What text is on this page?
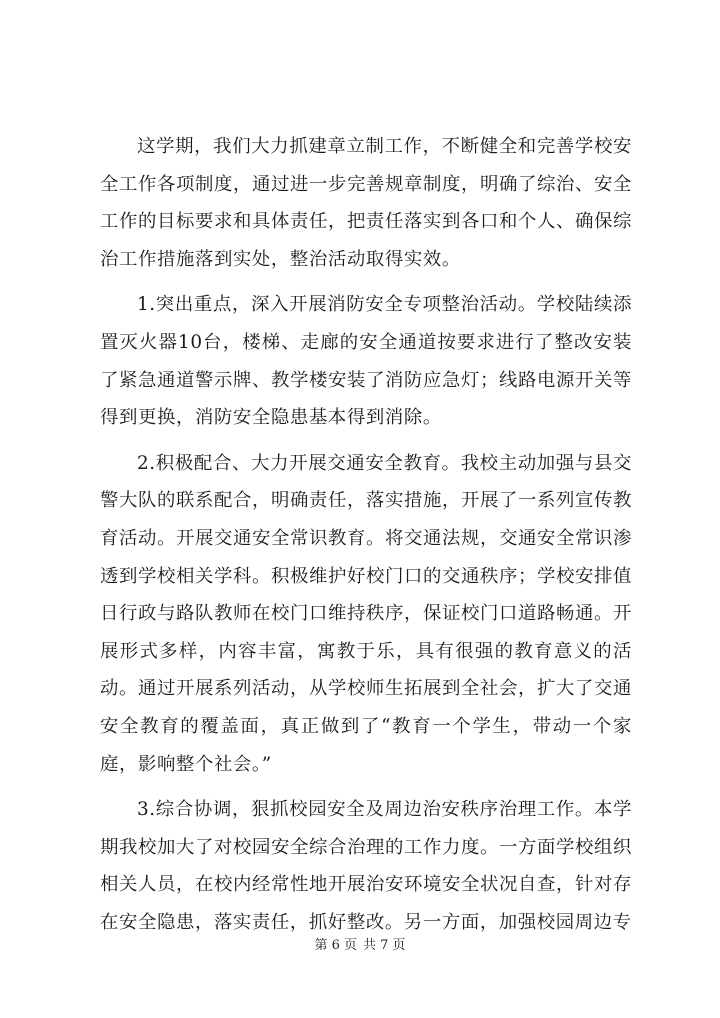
这学期，我们大力抓建章立制工作，不断健全和完善学校安全工作各项制度，通过进一步完善规章制度，明确了综治、安全工作的目标要求和具体责任，把责任落实到各口和个人、确保综治工作措施落到实处，整治活动取得实效。

1.突出重点，深入开展消防安全专项整治活动。学校陆续添置灭火器10台，楼梯、走廊的安全通道按要求进行了整改安装了紧急通道警示牌、教学楼安装了消防应急灯；线路电源开关等得到更换，消防安全隐患基本得到消除。

2.积极配合、大力开展交通安全教育。我校主动加强与县交警大队的联系配合，明确责任，落实措施，开展了一系列宣传教育活动。开展交通安全常识教育。将交通法规，交通安全常识渗透到学校相关学科。积极维护好校门口的交通秩序；学校安排值日行政与路队教师在校门口维持秩序，保证校门口道路畅通。开展形式多样，内容丰富，寓教于乐，具有很强的教育意义的活动。通过开展系列活动，从学校师生拓展到全社会，扩大了交通安全教育的覆盖面，真正做到了“教育一个学生，带动一个家庭，影响整个社会。”

3.综合协调，狠抓校园安全及周边治安秩序治理工作。本学期我校加大了对校园安全综合治理的工作力度。一方面学校组织相关人员，在校内经常性地开展治安环境安全状况自查，针对存在安全隐患，落实责任，抓好整改。另一方面，加强校园周边专

第 6 页 共 7 页
